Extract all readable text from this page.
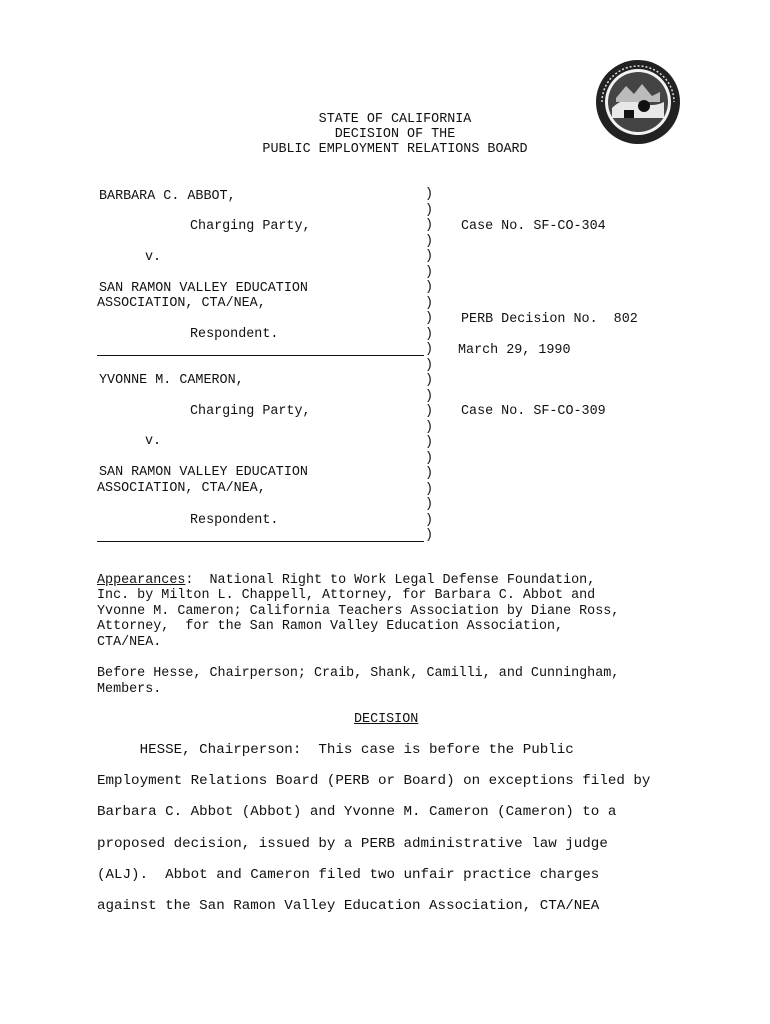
STATE OF CALIFORNIA
DECISION OF THE
PUBLIC EMPLOYMENT RELATIONS BOARD
BARBARA C. ABBOT,
Charging Party,
v.
SAN RAMON VALLEY EDUCATION
ASSOCIATION, CTA/NEA,
Respondent.
Case No. SF-CO-304
PERB Decision No.  802
March 29, 1990
YVONNE M. CAMERON,
Charging Party,
v.
SAN RAMON VALLEY EDUCATION
ASSOCIATION, CTA/NEA,
Respondent.
Case No. SF-CO-309
)
)
)
)
)
)
)
)
)
)
)
)
)
)
)
)
)
)
)
)
)
)
)
Appearances:  National Right to Work Legal Defense Foundation,
Inc. by Milton L. Chappell, Attorney, for Barbara C. Abbot and
Yvonne M. Cameron; California Teachers Association by Diane Ross,
Attorney,  for the San Ramon Valley Education Association,
CTA/NEA.
Before Hesse, Chairperson; Craib, Shank, Camilli, and Cunningham,
Members.
DECISION
HESSE, Chairperson:  This case is before the Public
Employment Relations Board (PERB or Board) on exceptions filed by
Barbara C. Abbot (Abbot) and Yvonne M. Cameron (Cameron) to a
proposed decision, issued by a PERB administrative law judge
(ALJ).  Abbot and Cameron filed two unfair practice charges
against the San Ramon Valley Education Association, CTA/NEA
